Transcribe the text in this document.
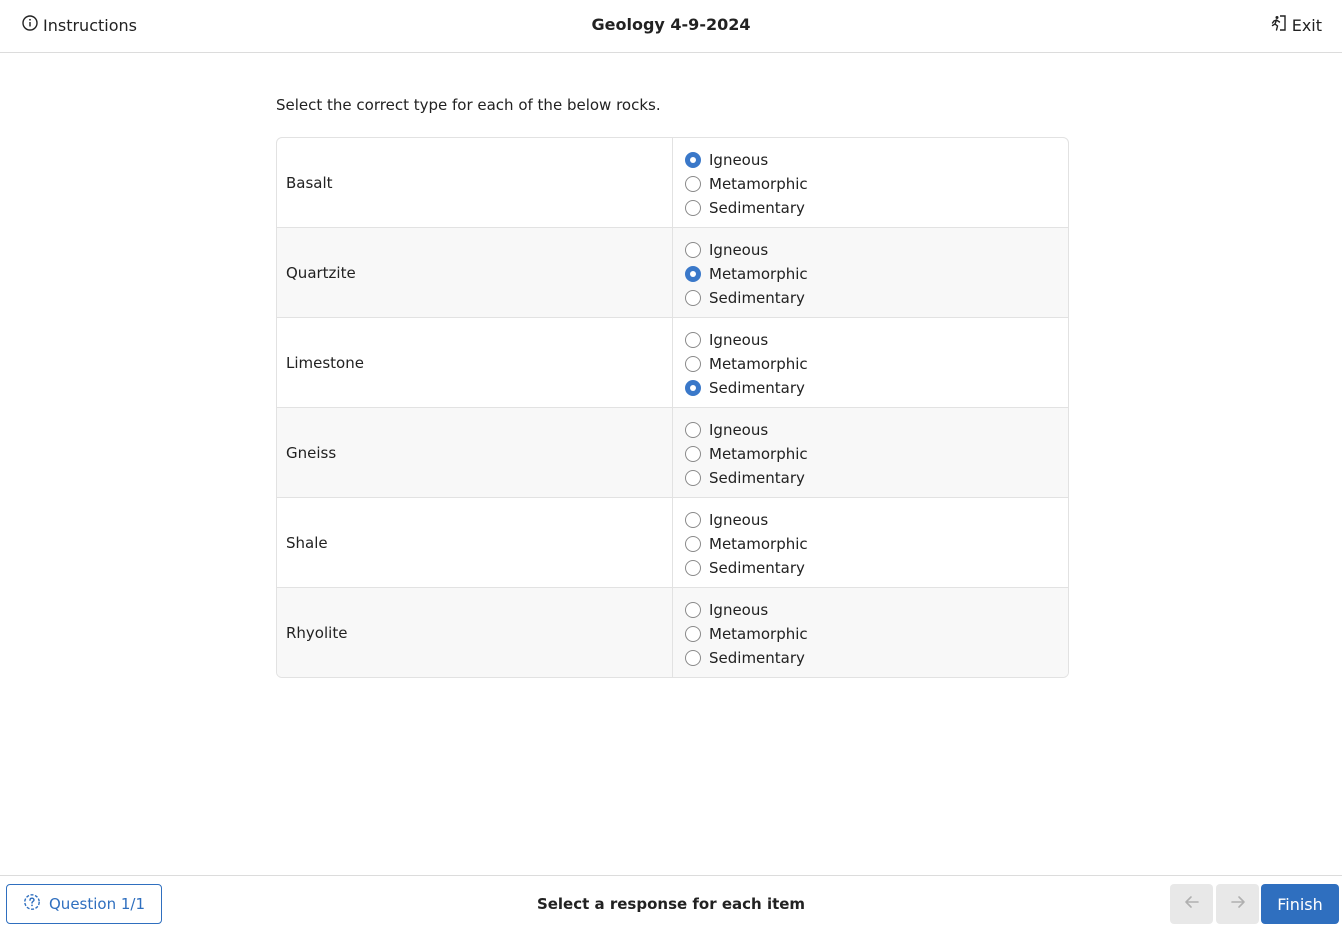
Instructions	Geology 4-9-2024	Exit
Select the correct type for each of the below rocks.
Basalt
Igneous
Metamorphic
Sedimentary
Quartzite
Igneous
Metamorphic
Sedimentary
Limestone
Igneous
Metamorphic
Sedimentary
Gneiss
Igneous
Metamorphic
Sedimentary
Shale
Igneous
Metamorphic
Sedimentary
Rhyolite
Igneous
Metamorphic
Sedimentary
Question 1/1	Select a response for each item	Finish
